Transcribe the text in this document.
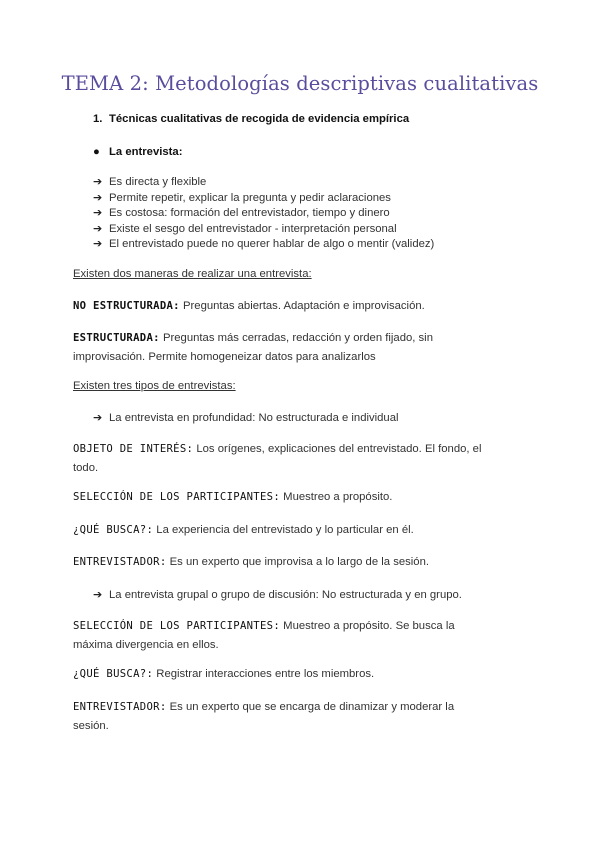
TEMA 2: Metodologías descriptivas cualitativas
1. Técnicas cualitativas de recogida de evidencia empírica
● La entrevista:
➔ Es directa y flexible
➔ Permite repetir, explicar la pregunta y pedir aclaraciones
➔ Es costosa: formación del entrevistador, tiempo y dinero
➔ Existe el sesgo del entrevistador - interpretación personal
➔ El entrevistado puede no querer hablar de algo o mentir (validez)
Existen dos maneras de realizar una entrevista:
NO ESTRUCTURADA: Preguntas abiertas. Adaptación e improvisación.
ESTRUCTURADA: Preguntas más cerradas, redacción y orden fijado, sin
improvisación. Permite homogeneizar datos para analizarlos
Existen tres tipos de entrevistas:
➔ La entrevista en profundidad: No estructurada e individual
OBJETO DE INTERÉS: Los orígenes, explicaciones del entrevistado. El fondo, el
todo.
SELECCIÓN DE LOS PARTICIPANTES: Muestreo a propósito.
¿QUÉ BUSCA?: La experiencia del entrevistado y lo particular en él.
ENTREVISTADOR: Es un experto que improvisa a lo largo de la sesión.
➔ La entrevista grupal o grupo de discusión: No estructurada y en grupo.
SELECCIÓN DE LOS PARTICIPANTES: Muestreo a propósito. Se busca la
máxima divergencia en ellos.
¿QUÉ BUSCA?: Registrar interacciones entre los miembros.
ENTREVISTADOR: Es un experto que se encarga de dinamizar y moderar la
sesión.
